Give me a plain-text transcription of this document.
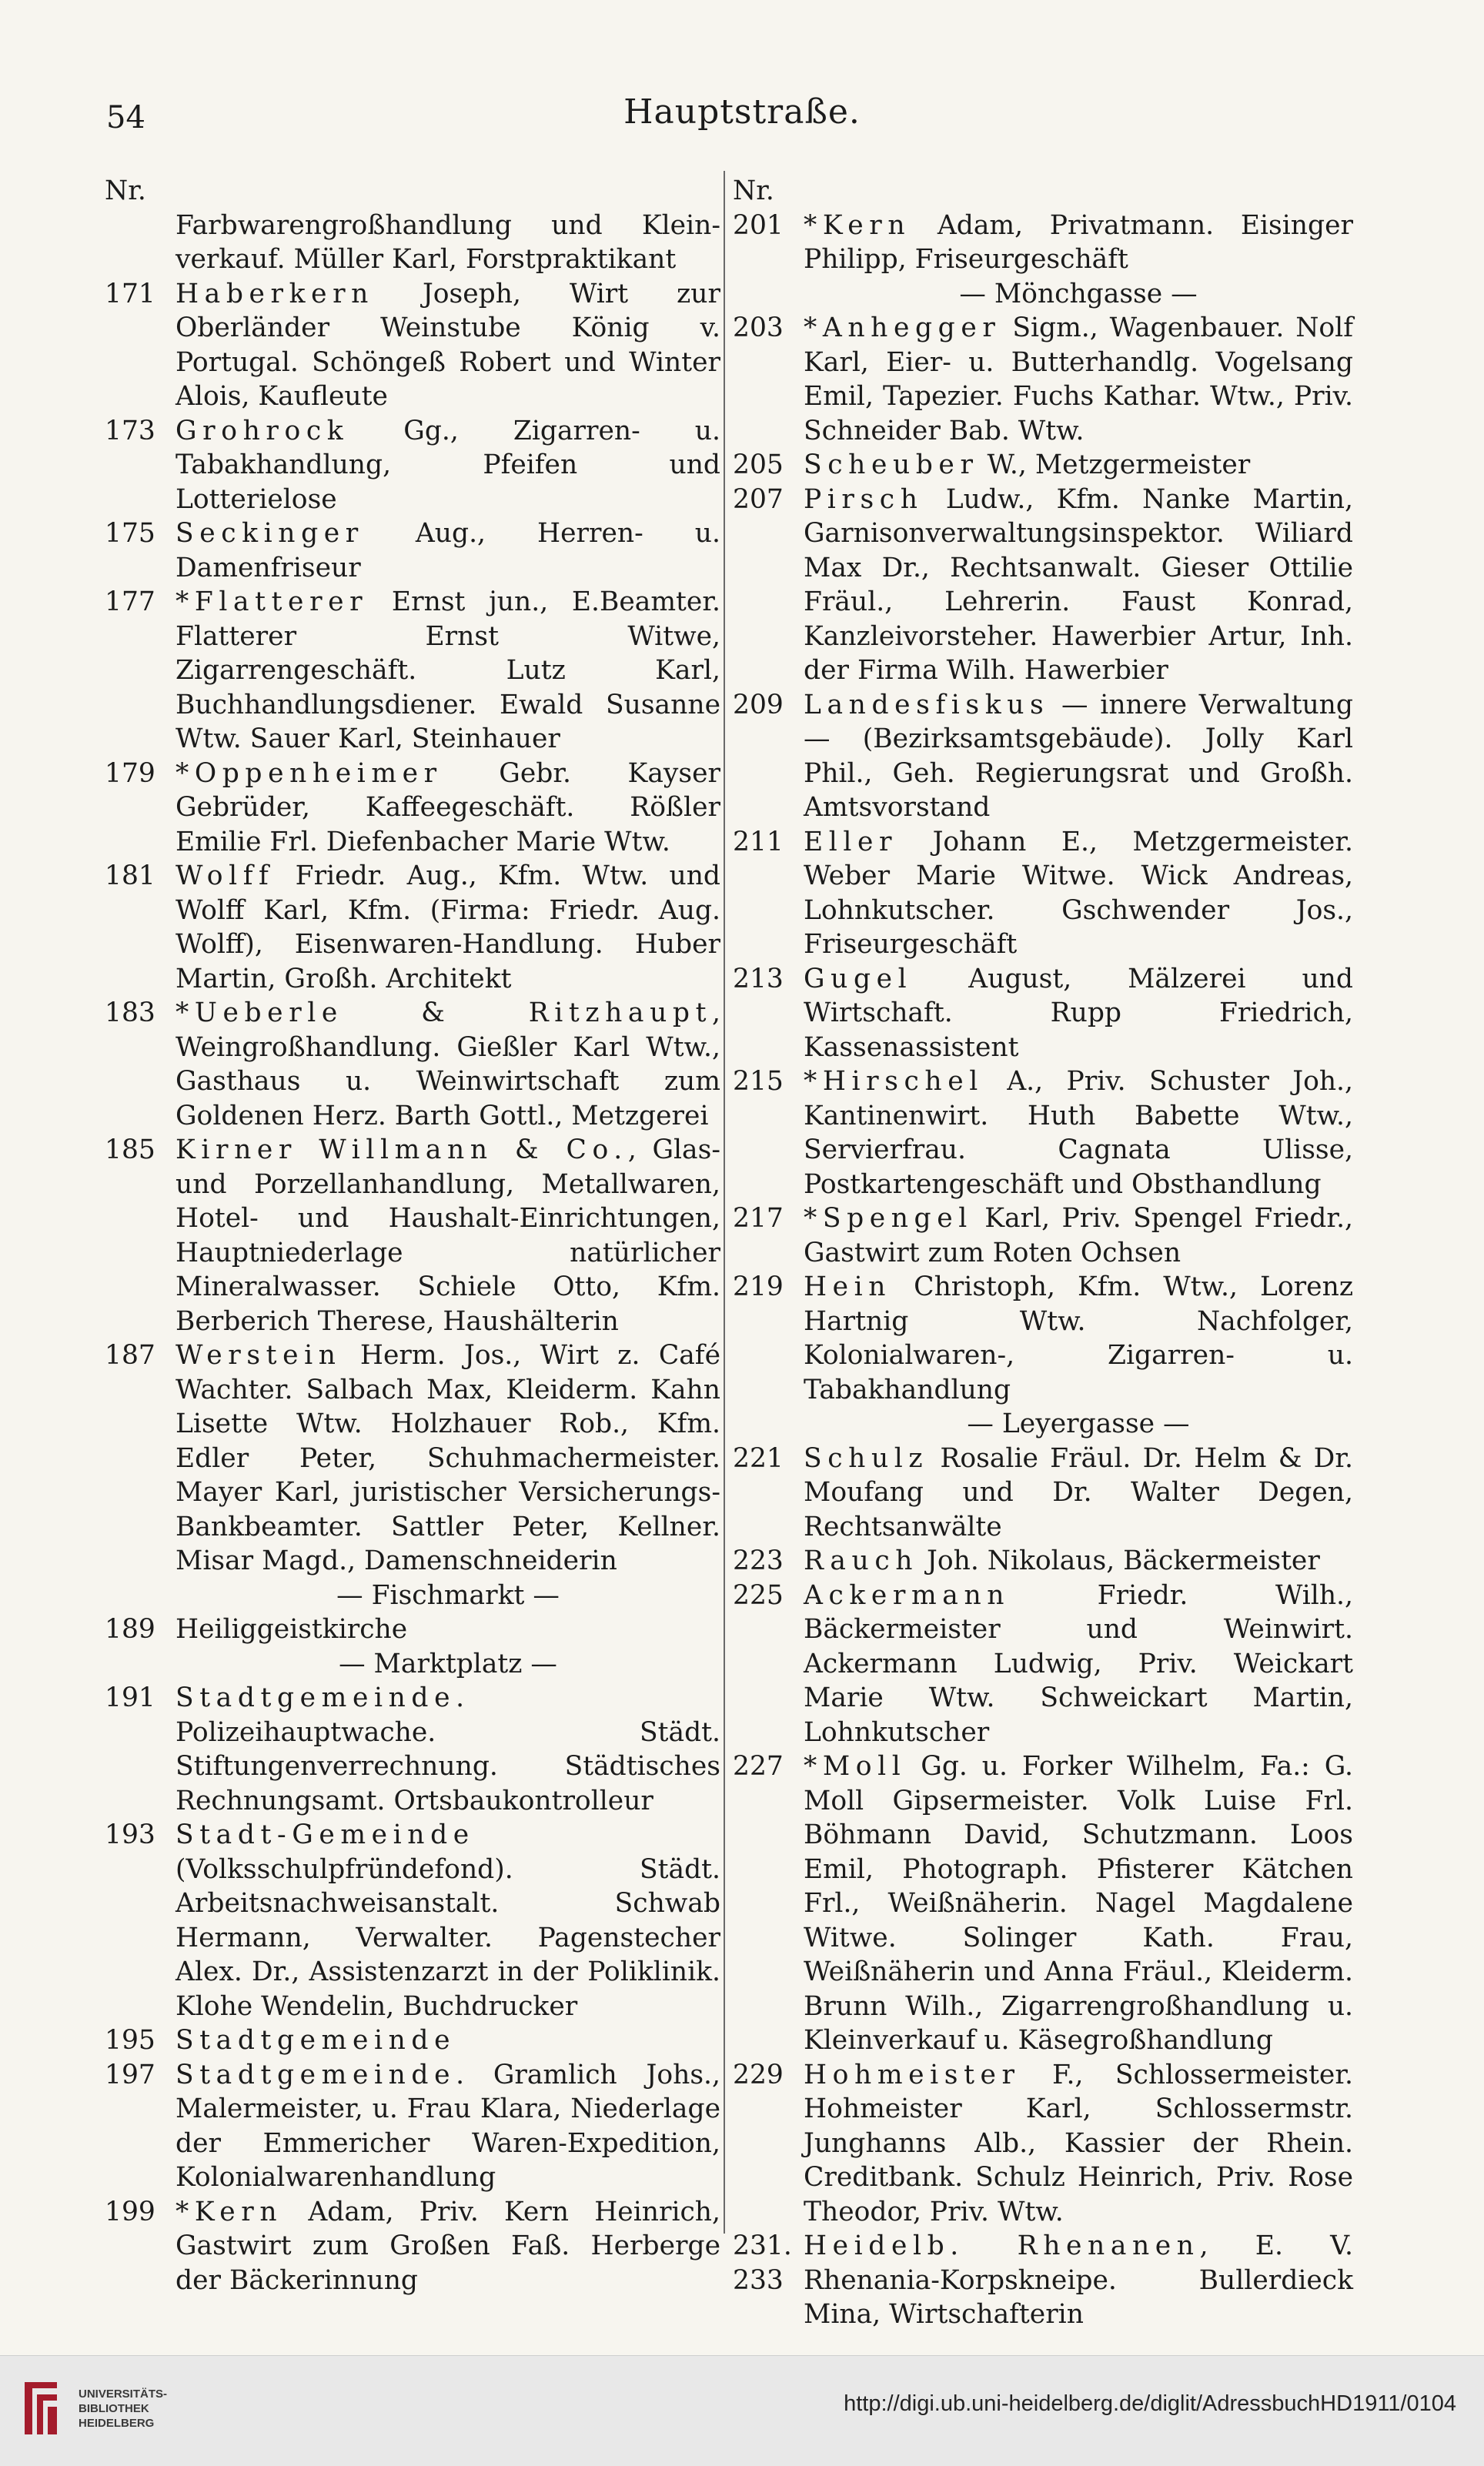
54	Hauptstraße.
Nr.
Farbwarengroßhandlung und Klein-verkauf. Müller Karl, Forstpraktikant
171 Haberkern Joseph, Wirt zur Oberländer Weinstube König v. Portugal. Schöngeß Robert und Winter Alois, Kaufleute
173 Grohrock Gg., Zigarren- u. Tabakhandlung, Pfeifen und Lotterielose
175 Seckinger Aug., Herren- u. Damenfriseur
177 *Flatterer Ernst jun., E.Beamter. Flatterer Ernst Witwe, Zigarrengeschäft. Lutz Karl, Buchhandlungsdiener. Ewald Susanne Wtw. Sauer Karl, Steinhauer
179 *Oppenheimer Gebr. Kayser Gebrüder, Kaffeegeschäft. Rößler Emilie Frl. Diefenbacher Marie Wtw.
181 Wolff Friedr. Aug., Kfm. Wtw. und Wolff Karl, Kfm. (Firma: Friedr. Aug. Wolff), Eisenwaren-Handlung. Huber Martin, Großh. Architekt
183 *Ueberle & Ritzhaupt, Weingroßhandlung. Gießler Karl Wtw., Gasthaus u. Weinwirtschaft zum Goldenen Herz. Barth Gottl., Metzgerei
185 Kirner Willmann & Co., Glas- und Porzellanhandlung, Metallwaren, Hotel- und Haushalt-Einrichtungen, Hauptniederlage natürlicher Mineralwasser. Schiele Otto, Kfm. Berberich Therese, Haushälterin
187 Werstein Herm. Jos., Wirt z. Café Wachter. Salbach Max, Kleiderm. Kahn Lisette Wtw. Holzhauer Rob., Kfm. Edler Peter, Schuhmachermeister. Mayer Karl, juristischer Versicherungs-Bankbeamter. Sattler Peter, Kellner. Misar Magd., Damenschneiderin
— Fischmarkt —
189 Heiliggeistkirche
— Marktplatz —
191 Stadtgemeinde. Polizeihauptwache. Städt. Stiftungenverrechnung. Städtisches Rechnungsamt. Ortsbaukontrolleur
193 Stadt-Gemeinde (Volksschulpfründefond). Städt. Arbeitsnachweisanstalt. Schwab Hermann, Verwalter. Pagenstecher Alex. Dr., Assistenzarzt in der Poliklinik. Klohe Wendelin, Buchdrucker
195 Stadtgemeinde
197 Stadtgemeinde. Gramlich Johs., Malermeister, u. Frau Klara, Niederlage der Emmericher Waren-Expedition, Kolonialwarenhandlung
199 *Kern Adam, Priv. Kern Heinrich, Gastwirt zum Großen Faß. Herberge der Bäckerinnung
Nr.
201 *Kern Adam, Privatmann. Eisinger Philipp, Friseurgeschäft
— Mönchgasse —
203 *Anhegger Sigm., Wagenbauer. Nolf Karl, Eier- u. Butterhandlg. Vogelsang Emil, Tapezier. Fuchs Kathar. Wtw., Priv. Schneider Bab. Wtw.
205 Scheuber W., Metzgermeister
207 Pirsch Ludw., Kfm. Nanke Martin, Garnisonverwaltungsinspektor. Wiliard Max Dr., Rechtsanwalt. Gieser Ottilie Fräul., Lehrerin. Faust Konrad, Kanzleivorsteher. Hawerbier Artur, Inh. der Firma Wilh. Hawerbier
209 Landesfiskus — innere Verwaltung — (Bezirksamtsgebäude). Jolly Karl Phil., Geh. Regierungsrat und Großh. Amtsvorstand
211 Eller Johann E., Metzgermeister. Weber Marie Witwe. Wick Andreas, Lohnkutscher. Gschwender Jos., Friseurgeschäft
213 Gugel August, Mälzerei und Wirtschaft. Rupp Friedrich, Kassenassistent
215 *Hirschel A., Priv. Schuster Joh., Kantinenwirt. Huth Babette Wtw., Servierfrau. Cagnata Ulisse, Postkartengeschäft und Obsthandlung
217 *Spengel Karl, Priv. Spengel Friedr., Gastwirt zum Roten Ochsen
219 Hein Christoph, Kfm. Wtw., Lorenz Hartnig Wtw. Nachfolger, Kolonialwaren-, Zigarren- u. Tabakhandlung
— Leyergasse —
221 Schulz Rosalie Fräul. Dr. Helm & Dr. Moufang und Dr. Walter Degen, Rechtsanwälte
223 Rauch Joh. Nikolaus, Bäckermeister
225 Ackermann Friedr. Wilh., Bäckermeister und Weinwirt. Ackermann Ludwig, Priv. Weickart Marie Wtw. Schweickart Martin, Lohnkutscher
227 *Moll Gg. u. Forker Wilhelm, Fa.: G. Moll Gipsermeister. Volk Luise Frl. Böhmann David, Schutzmann. Loos Emil, Photograph. Pfisterer Kätchen Frl., Weißnäherin. Nagel Magdalene Witwe. Solinger Kath. Frau, Weißnäherin und Anna Fräul., Kleiderm. Brunn Wilh., Zigarrengroßhandlung u. Kleinverkauf u. Käsegroßhandlung
229 Hohmeister F., Schlossermeister. Hohmeister Karl, Schlossermstr. Junghanns Alb., Kassier der Rhein. Creditbank. Schulz Heinrich, Priv. Rose Theodor, Priv. Wtw.
231. 233
Heidelb. Rhenanen, E. V. Rhenania-Korpskneipe. Bullerdieck Mina, Wirtschafterin
UNIVERSITÄTS-
BIBLIOTHEK
HEIDELBERG
http://digi.ub.uni-heidelberg.de/diglit/AdressbuchHD1911/0104
